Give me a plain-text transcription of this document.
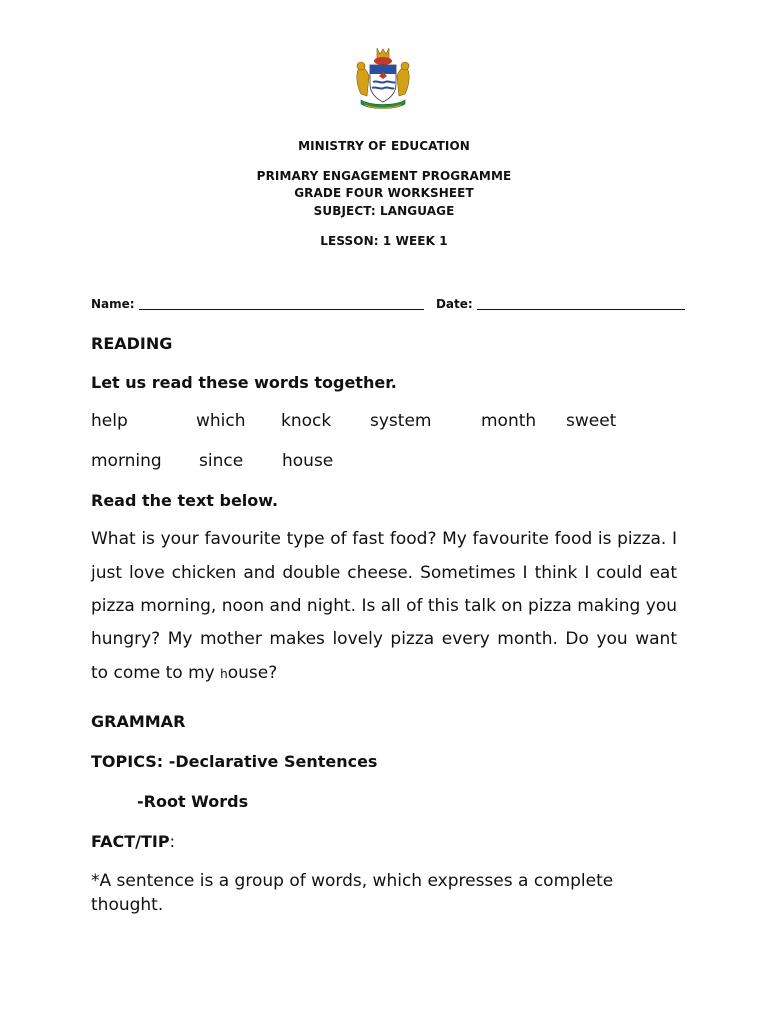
MINISTRY OF EDUCATION
PRIMARY ENGAGEMENT PROGRAMME
GRADE FOUR WORKSHEET
SUBJECT: LANGUAGE
LESSON: 1 WEEK 1
Name:	Date:
READING
Let us read these words together.
help	which knock system	month sweet
morning since house
Read the text below.
What is your favourite type of fast food? My favourite food is pizza. I
just love chicken and double cheese. Sometimes I think I could eat
pizza morning, noon and night. Is all of this talk on pizza making you
hungry? My mother makes lovely pizza every month. Do you want
to come to my house?
GRAMMAR
TOPICS: -Declarative Sentences
-Root Words
FACT/TIP:
*A sentence is a group of words, which expresses a complete thought.
